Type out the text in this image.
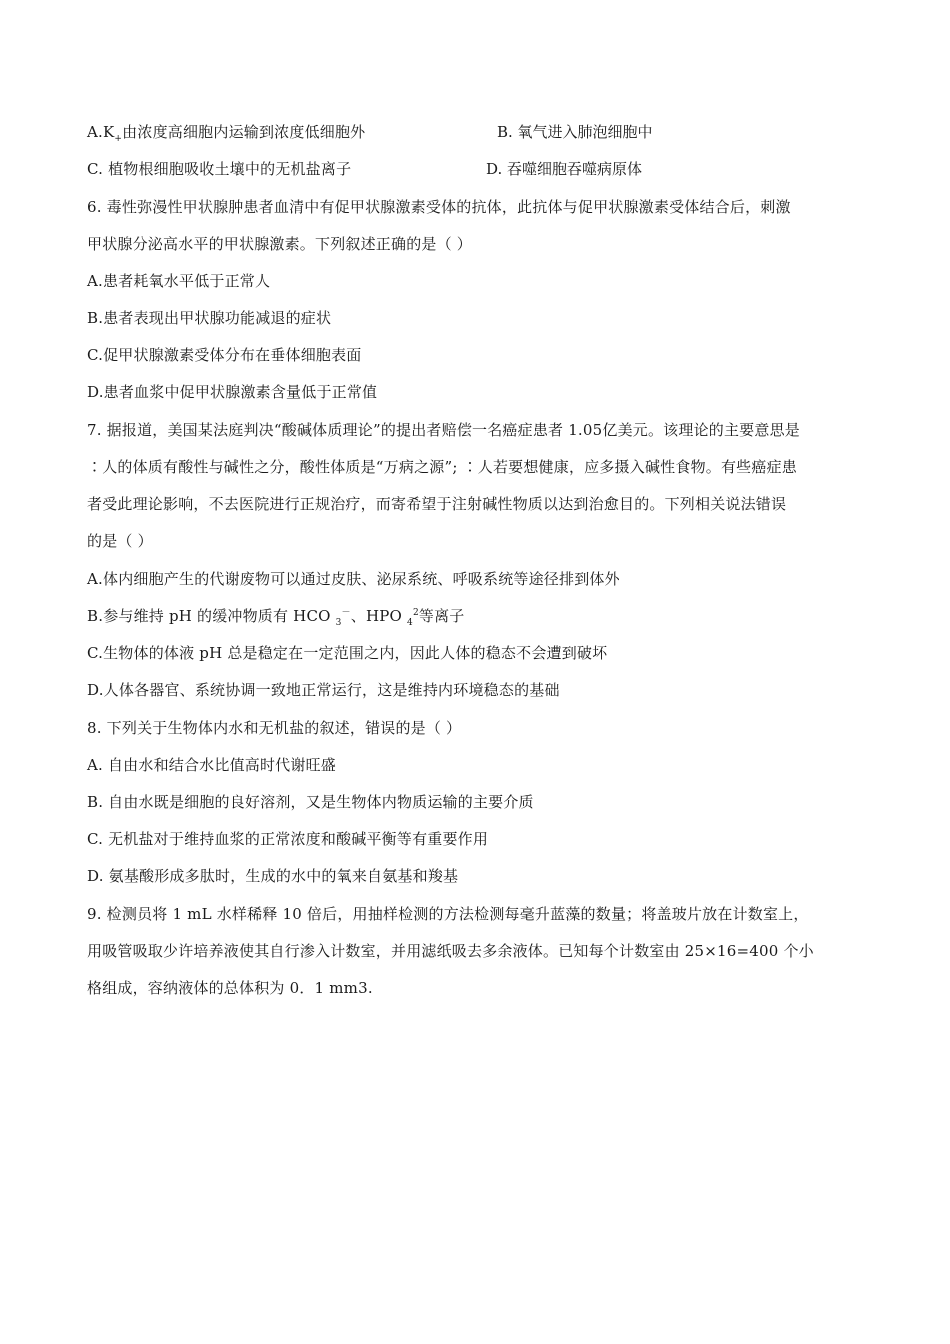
$A.K_+$由浓度高细胞内运输到浓度低细胞外	B. 氧气进入肺泡细胞中
C. 植物根细胞吸收土壤中的无机盐离子	D. 吞噬细胞吞噬病原体
6. 毒性弥漫性甲状腺肿患者血清中有促甲状腺激素受体的抗体，此抗体与促甲状腺激素受体结合后，刺激
甲状腺分泌高水平的甲状腺激素。下列叙述正确的是（ ）
A.患者耗氧水平低于正常人
B.患者表现出甲状腺功能减退的症状
C.促甲状腺激素受体分布在垂体细胞表面
D.患者血浆中促甲状腺激素含量低于正常值
7. 据报道，美国某法庭判决“酸碱体质理论”的提出者赔偿一名癌症患者 1.05亿美元。该理论的主要意思是
∶人的体质有酸性与碱性之分，酸性体质是“万病之源”; ∶人若要想健康，应多摄入碱性食物。有些癌症患
者受此理论影响，不去医院进行正规治疗，而寄希望于注射碱性物质以达到治愈目的。下列相关说法错误
的是（ ）
A.体内细胞产生的代谢废物可以通过皮肤、泌尿系统、呼吸系统等途径排到体外
B.参与维持 pH 的缓冲物质有 HCO $_3$－、HPO $_4^2$等离子
C.生物体的体液 pH 总是稳定在一定范围之内，因此人体的稳态不会遭到破坏
D.人体各器官、系统协调一致地正常运行，这是维持内环境稳态的基础
8. 下列关于生物体内水和无机盐的叙述，错误的是（ ）
A. 自由水和结合水比值高时代谢旺盛
B. 自由水既是细胞的良好溶剂，又是生物体内物质运输的主要介质
C. 无机盐对于维持血浆的正常浓度和酸碱平衡等有重要作用
D. 氨基酸形成多肽时，生成的水中的氧来自氨基和羧基
9. 检测员将 1 mL 水样稀释 10 倍后，用抽样检测的方法检测每毫升蓝藻的数量；将盖玻片放在计数室上，
用吸管吸取少许培养液使其自行渗入计数室，并用滤纸吸去多余液体。已知每个计数室由 25×16=400 个小
格组成，容纳液体的总体积为 0．1 mm3.
